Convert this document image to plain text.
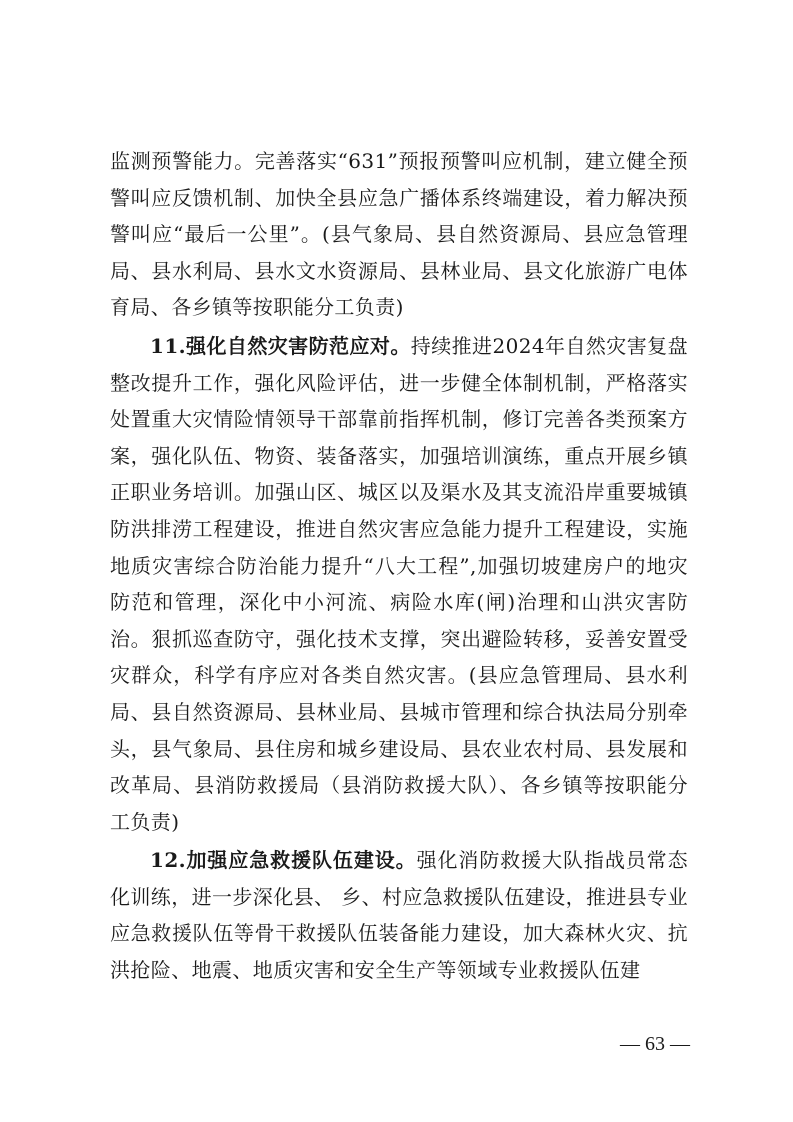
监测预警能力。完善落实“631”预报预警叫应机制，建立健全预警叫应反馈机制、加快全县应急广播体系终端建设，着力解决预警叫应“最后一公里”。(县气象局、县自然资源局、县应急管理局、县水利局、县水文水资源局、县林业局、县文化旅游广电体育局、各乡镇等按职能分工负责)

11.强化自然灾害防范应对。持续推进2024年自然灾害复盘整改提升工作，强化风险评估，进一步健全体制机制，严格落实处置重大灾情险情领导干部靠前指挥机制，修订完善各类预案方案，强化队伍、物资、装备落实，加强培训演练，重点开展乡镇正职业务培训。加强山区、城区以及渠水及其支流沿岸重要城镇防洪排涝工程建设，推进自然灾害应急能力提升工程建设，实施地质灾害综合防治能力提升“八大工程”,加强切坡建房户的地灾防范和管理，深化中小河流、病险水库(闸)治理和山洪灾害防治。狠抓巡查防守，强化技术支撑，突出避险转移，妥善安置受灾群众，科学有序应对各类自然灾害。(县应急管理局、县水利局、县自然资源局、县林业局、县城市管理和综合执法局分别牵头，县气象局、县住房和城乡建设局、县农业农村局、县发展和改革局、县消防救援局（县消防救援大队）、各乡镇等按职能分工负责)

12.加强应急救援队伍建设。强化消防救援大队指战员常态化训练，进一步深化县、 乡、村应急救援队伍建设，推进县专业应急救援队伍等骨干救援队伍装备能力建设，加大森林火灾、抗洪抢险、地震、地质灾害和安全生产等领域专业救援队伍建

— 63 —
